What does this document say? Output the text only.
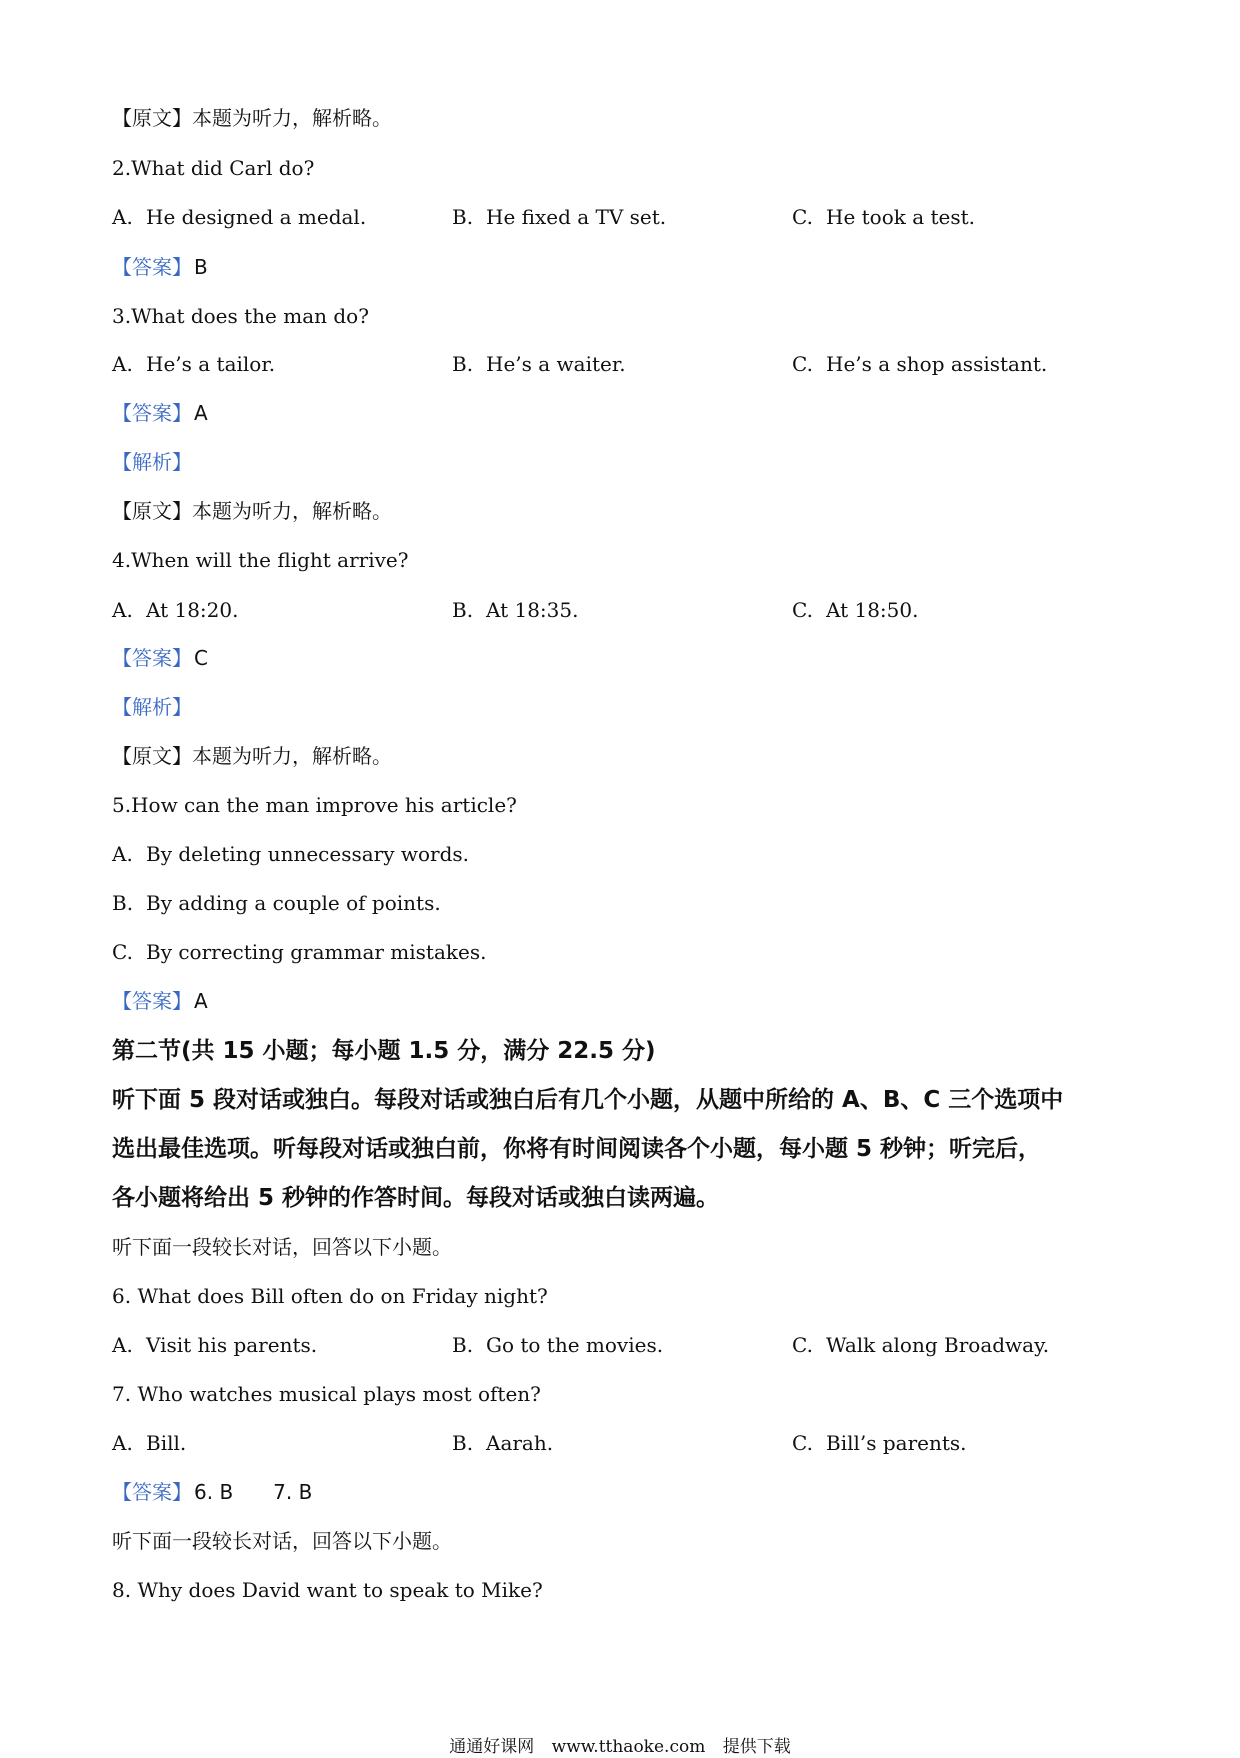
【原文】本题为听力，解析略。

2.What did Carl do?

A. He designed a medal.	B. He fixed a TV set.	C. He took a test.

【答案】 B

3.What does the man do?

A. He’s a tailor.	B. He’s a waiter.	C. He’s a shop assistant.

【答案】 A

【解析】

【原文】本题为听力，解析略。

4.When will the flight arrive?

A. At 18:20.	B. At 18:35.	C. At 18:50.

【答案】 C

【解析】

【原文】本题为听力，解析略。

5.How can the man improve his article?

A. By deleting unnecessary words.

B. By adding a couple of points.

C. By correcting grammar mistakes.

【答案】 A

第二节(共 15 小题；每小题 1.5 分，满分 22.5 分)

听下面 5 段对话或独白。每段对话或独白后有几个小题，从题中所给的 A、B、C 三个选项中

选出最佳选项。听每段对话或独白前，你将有时间阅读各个小题，每小题 5 秒钟；听完后，

各小题将给出 5 秒钟的作答时间。每段对话或独白读两遍。

听下面一段较长对话，回答以下小题。

6. What does Bill often do on Friday night?

A. Visit his parents.	B. Go to the movies.	C. Walk along Broadway.

7. Who watches musical plays most often?

A. Bill.	B. Aarah.	C. Bill’s parents.

【答案】 6. B 7. B

听下面一段较长对话，回答以下小题。

8. Why does David want to speak to Mike?

通通好课网 www.tthaoke.com 提供下载
